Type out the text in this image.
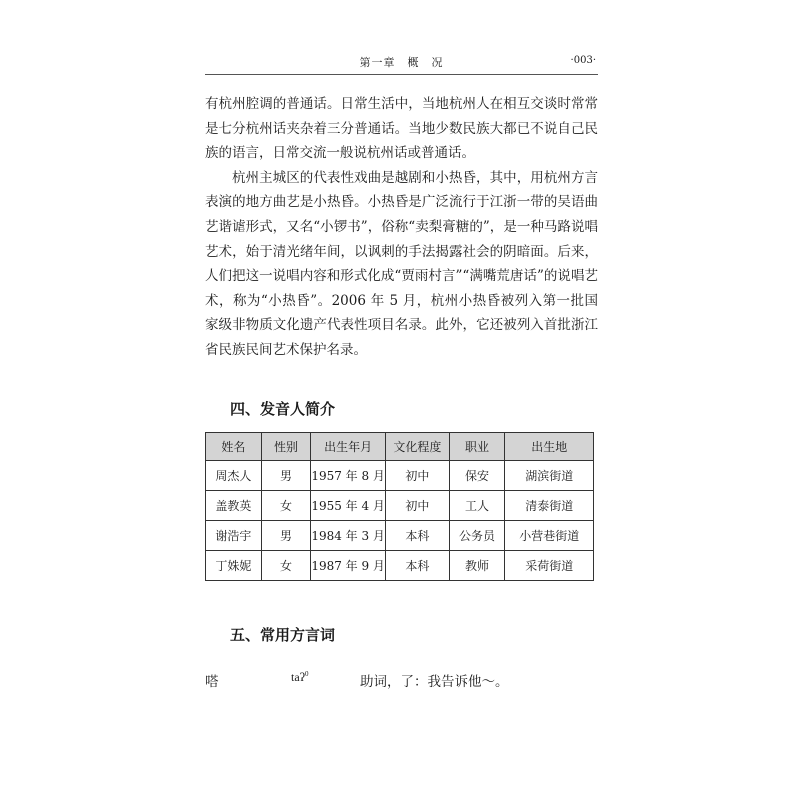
第一章　概　况	·003·

有杭州腔调的普通话。日常生活中，当地杭州人在相互交谈时常常是七分杭州话夹杂着三分普通话。当地少数民族大都已不说自己民族的语言，日常交流一般说杭州话或普通话。

杭州主城区的代表性戏曲是越剧和小热昏，其中，用杭州方言表演的地方曲艺是小热昏。小热昏是广泛流行于江浙一带的吴语曲艺谐谑形式，又名“小锣书”，俗称“卖梨膏糖的”，是一种马路说唱艺术，始于清光绪年间，以讽刺的手法揭露社会的阴暗面。后来，人们把这一说唱内容和形式化成“贾雨村言”“满嘴荒唐话”的说唱艺术，称为“小热昏”。2006 年 5 月，杭州小热昏被列入第一批国家级非物质文化遗产代表性项目名录。此外，它还被列入首批浙江省民族民间艺术保护名录。

四、发音人简介
姓名	性别	出生年月	文化程度	职业	出生地
周杰人	男	1957 年 8 月	初中	保安	湖滨街道
盖教英	女	1955 年 4 月	初中	工人	清泰街道
谢浩宇	男	1984 年 3 月	本科	公务员	小营巷街道
丁姝妮	女	1987 年 9 月	本科	教师	采荷街道
五、常用方言词
嗒	taʔ$^0$	助词，了：我告诉他～。
